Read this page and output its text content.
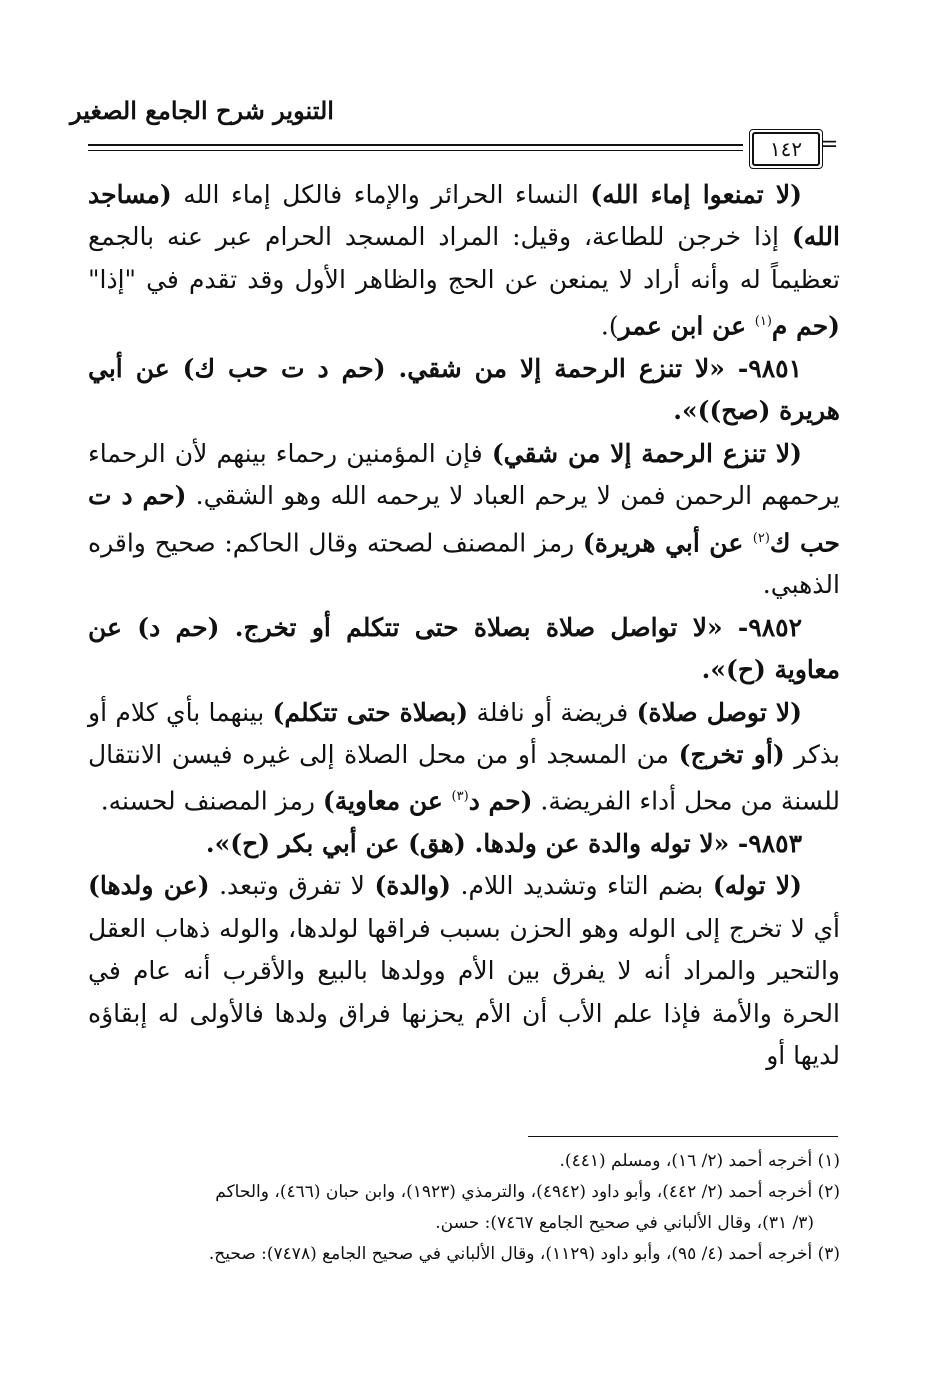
التنوير شرح الجامع الصغير
١٤٢ =

(لا تمنعوا إماء الله) النساء الحرائر والإماء فالكل إماء الله (مساجد الله) إذا خرجن للطاعة، وقيل: المراد المسجد الحرام عبر عنه بالجمع تعظيماً له وأنه أراد لا يمنعن عن الحج والظاهر الأول وقد تقدم في "إذا" (حم م$^{(١)}$ عن ابن عمر).

٩٨٥١- «لا تنزع الرحمة إلا من شقي. (حم د ت حب ك) عن أبي هريرة (صح))».

(لا تنزع الرحمة إلا من شقي) فإن المؤمنين رحماء بينهم لأن الرحماء يرحمهم الرحمن فمن لا يرحم العباد لا يرحمه الله وهو الشقي. (حم د ت حب ك$^{(٢)}$ عن أبي هريرة) رمز المصنف لصحته وقال الحاكم: صحيح واقره الذهبي.

٩٨٥٢- «لا تواصل صلاة بصلاة حتى تتكلم أو تخرج. (حم د) عن معاوية (ح)».

(لا توصل صلاة) فريضة أو نافلة (بصلاة حتى تتكلم) بينهما بأي كلام أو بذكر (أو تخرج) من المسجد أو من محل الصلاة إلى غيره فيسن الانتقال للسنة من محل أداء الفريضة. (حم د$^{(٣)}$ عن معاوية) رمز المصنف لحسنه.

٩٨٥٣- «لا توله والدة عن ولدها. (هق) عن أبي بكر (ح)».

(لا توله) بضم التاء وتشديد اللام. (والدة) لا تفرق وتبعد. (عن ولدها) أي لا تخرج إلى الوله وهو الحزن بسبب فراقها لولدها، والوله ذهاب العقل والتحير والمراد أنه لا يفرق بين الأم وولدها بالبيع والأقرب أنه عام في الحرة والأمة فإذا علم الأب أن الأم يحزنها فراق ولدها فالأولى له إبقاؤه لديها أو

(١) أخرجه أحمد (٢/ ١٦)، ومسلم (٤٤١).

(٢) أخرجه أحمد (٢/ ٤٤٢)، وأبو داود (٤٩٤٢)، والترمذي (١٩٢٣)، وابن حبان (٤٦٦)، والحاكم

(٣/ ٣١)، وقال الألباني في صحيح الجامع ٧٤٦٧): حسن.

(٣) أخرجه أحمد (٤/ ٩٥)، وأبو داود (١١٢٩)، وقال الألباني في صحيح الجامع (٧٤٧٨): صحيح.
